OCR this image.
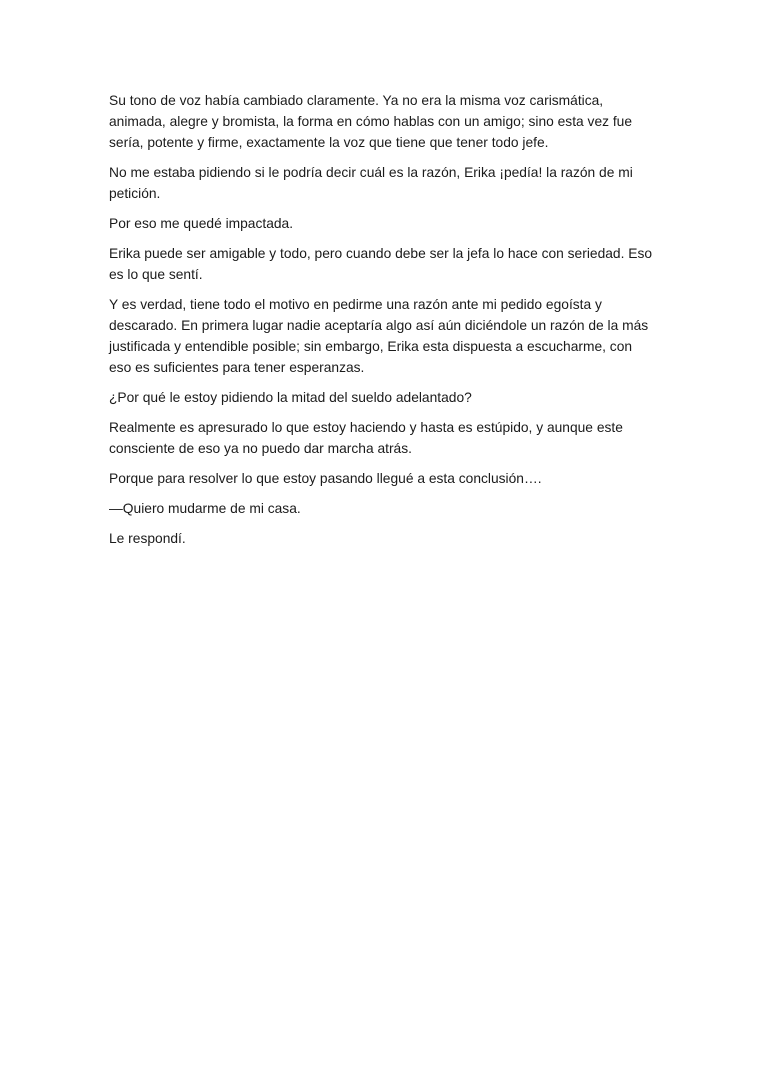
Su tono de voz había cambiado claramente. Ya no era la misma voz carismática, animada, alegre y bromista, la forma en cómo hablas con un amigo; sino esta vez fue sería, potente y firme, exactamente la voz que tiene que tener todo jefe.

No me estaba pidiendo si le podría decir cuál es la razón, Erika ¡pedía! la razón de mi petición.

Por eso me quedé impactada.

Erika puede ser amigable y todo, pero cuando debe ser la jefa lo hace con seriedad. Eso es lo que sentí.

Y es verdad, tiene todo el motivo en pedirme una razón ante mi pedido egoísta y descarado. En primera lugar nadie aceptaría algo así aún diciéndole un razón de la más justificada y entendible posible; sin embargo, Erika esta dispuesta a escucharme, con eso es suficientes para tener esperanzas.

¿Por qué le estoy pidiendo la mitad del sueldo adelantado?

Realmente es apresurado lo que estoy haciendo y hasta es estúpido, y aunque este consciente de eso ya no puedo dar marcha atrás.

Porque para resolver lo que estoy pasando llegué a esta conclusión….

—Quiero mudarme de mi casa.

Le respondí.
